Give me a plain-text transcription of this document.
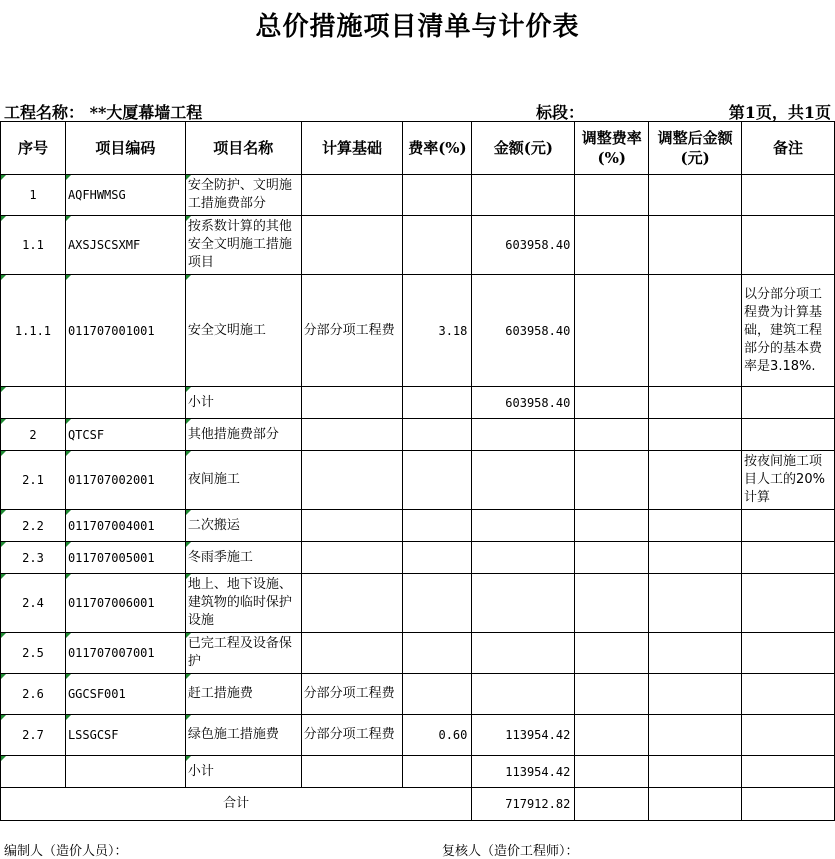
总价措施项目清单与计价表
工程名称： **大厦幕墙工程	标段：	第1页，共1页
序号	项目编码	项目名称	计算基础	费率(%)	金额(元)	调整费率(%)	调整后金额(元)	备注

1	AQFHWMSG	安全防护、文明施工措施费部分						

1.1	AXSJSCSXMF	按系数计算的其他安全文明施工措施项目			603958.40			

1.1.1	011707001001	安全文明施工	分部分项工程费	3.18	603958.40			以分部分项工程费为计算基础，建筑工程部分的基本费率是3.18%.

小计			603958.40			

2	QTCSF	其他措施费部分						

2.1	011707002001	夜间施工						按夜间施工项目人工的20%计算

2.2	011707004001	二次搬运						

2.3	011707005001	冬雨季施工						

2.4	011707006001	地上、地下设施、建筑物的临时保护设施						

2.5	011707007001	已完工程及设备保护						

2.6	GGCSF001	赶工措施费	分部分项工程费					

2.7	LSSGCSF	绿色施工措施费	分部分项工程费	0.60	113954.42			

小计			113954.42			
合计					717912.82			
编制人（造价人员）：	复核人（造价工程师）：
